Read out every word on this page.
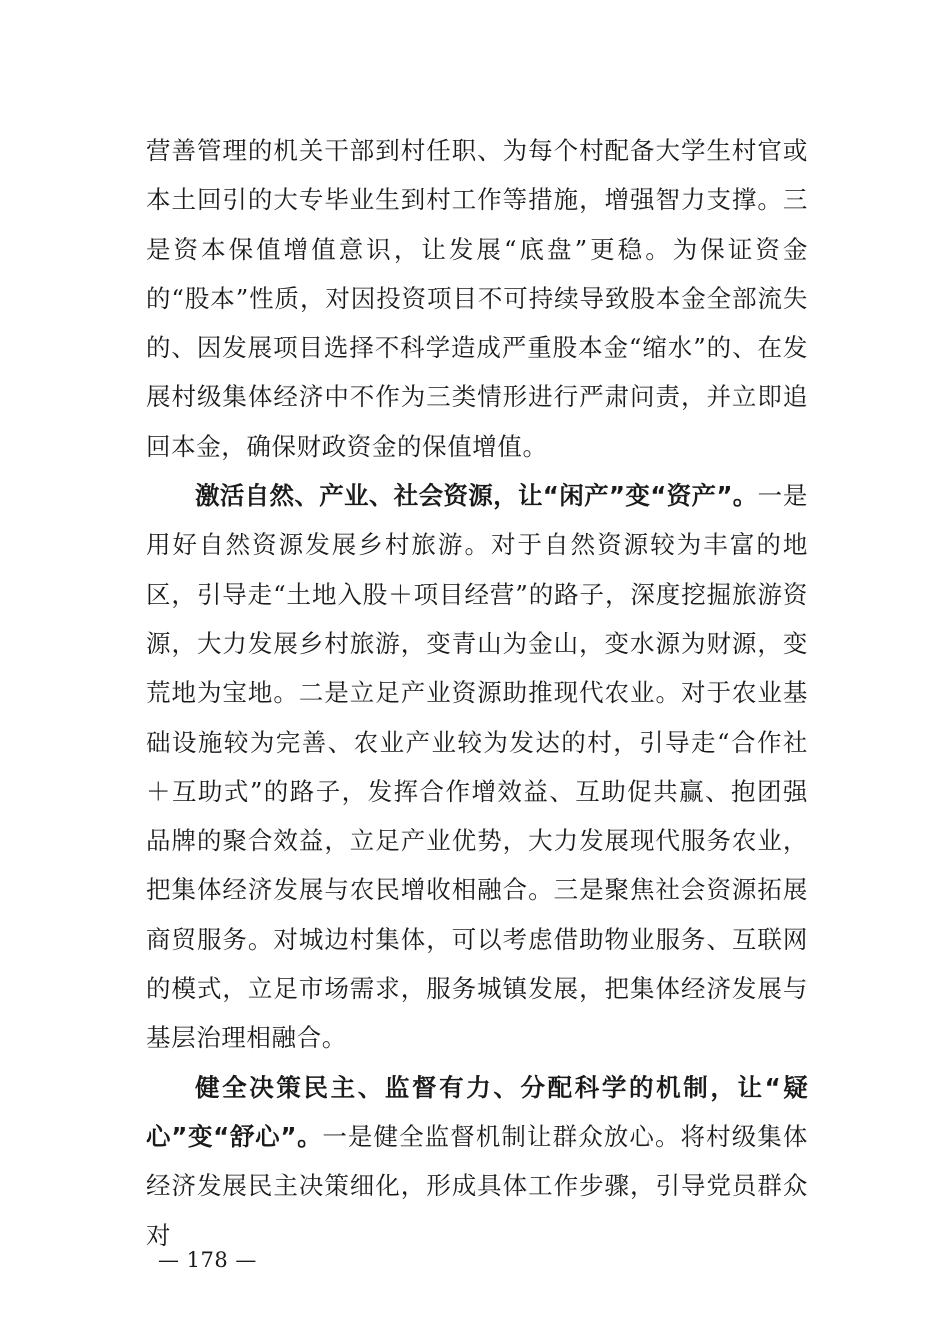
营善管理的机关干部到村任职、为每个村配备大学生村官或本土回引的大专毕业生到村工作等措施，增强智力支撑。三是资本保值增值意识，让发展“底盘”更稳。为保证资金的“股本”性质，对因投资项目不可持续导致股本金全部流失的、因发展项目选择不科学造成严重股本金“缩水”的、在发展村级集体经济中不作为三类情形进行严肃问责，并立即追回本金，确保财政资金的保值增值。

激活自然、产业、社会资源，让“闲产”变“资产”。一是用好自然资源发展乡村旅游。对于自然资源较为丰富的地区，引导走“土地入股＋项目经营”的路子，深度挖掘旅游资源，大力发展乡村旅游，变青山为金山，变水源为财源，变荒地为宝地。二是立足产业资源助推现代农业。对于农业基础设施较为完善、农业产业较为发达的村，引导走“合作社＋互助式”的路子，发挥合作增效益、互助促共赢、抱团强品牌的聚合效益，立足产业优势，大力发展现代服务农业，把集体经济发展与农民增收相融合。三是聚焦社会资源拓展商贸服务。对城边村集体，可以考虑借助物业服务、互联网的模式，立足市场需求，服务城镇发展，把集体经济发展与基层治理相融合。

健全决策民主、监督有力、分配科学的机制，让“疑心”变“舒心”。一是健全监督机制让群众放心。将村级集体经济发展民主决策细化，形成具体工作步骤，引导党员群众对

— 178 —
